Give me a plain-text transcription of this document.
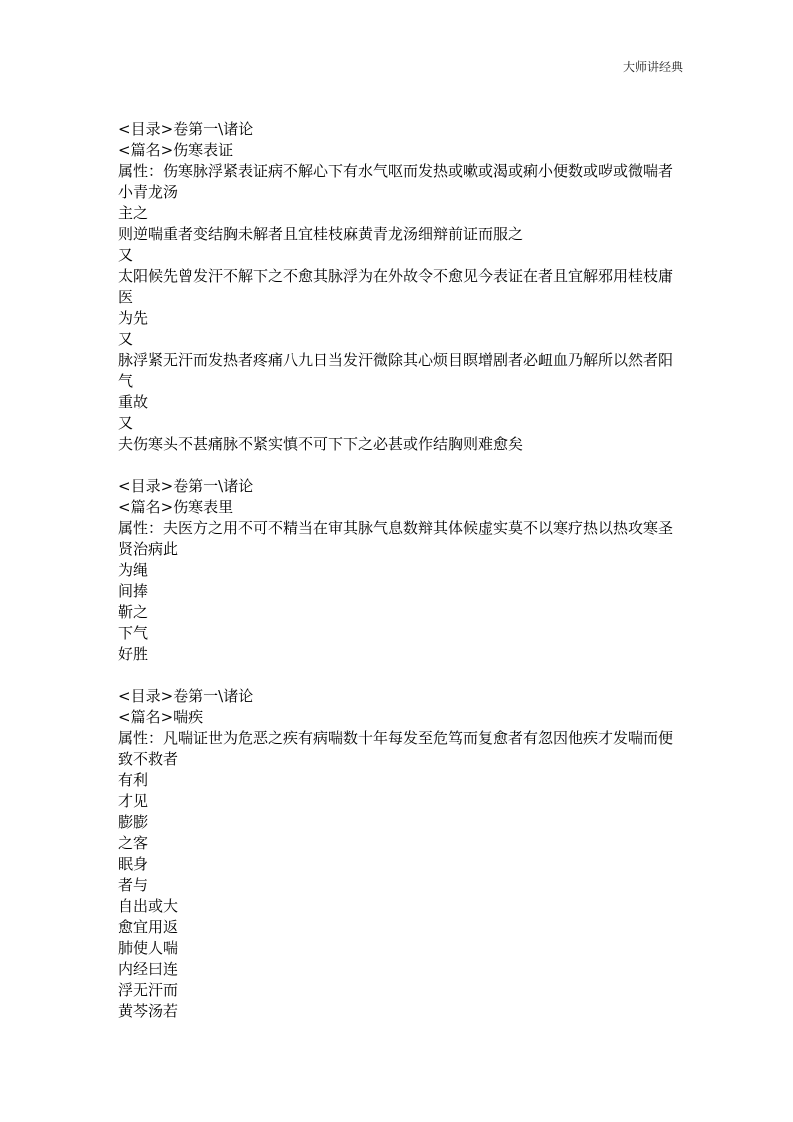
大师讲经典
<目录>卷第一\诸论
<篇名>伤寒表证
属性：伤寒脉浮紧表证病不解心下有水气呕而发热或嗽或渴或痢小便数或哕或微喘者小青龙汤
主之
则逆喘重者变结胸未解者且宜桂枝麻黄青龙汤细辩前证而服之
又
太阳候先曾发汗不解下之不愈其脉浮为在外故令不愈见今表证在者且宜解邪用桂枝庸医
为先
又
脉浮紧无汗而发热者疼痛八九日当发汗微除其心烦目瞑增剧者必衄血乃解所以然者阳气
重故
又
夫伤寒头不甚痛脉不紧实慎不可下下之必甚或作结胸则难愈矣
<目录>卷第一\诸论
<篇名>伤寒表里
属性：夫医方之用不可不精当在审其脉气息数辩其体候虚实莫不以寒疗热以热攻寒圣贤治病此
为绳
间捧
靳之
下气
好胜
<目录>卷第一\诸论
<篇名>喘疾
属性：凡喘证世为危恶之疾有病喘数十年每发至危笃而复愈者有忽因他疾才发喘而便致不救者
有利
才见
膨膨
之客
眠身
者与
自出或大
愈宜用返
肺使人喘
内经曰连
浮无汗而
黄芩汤若
